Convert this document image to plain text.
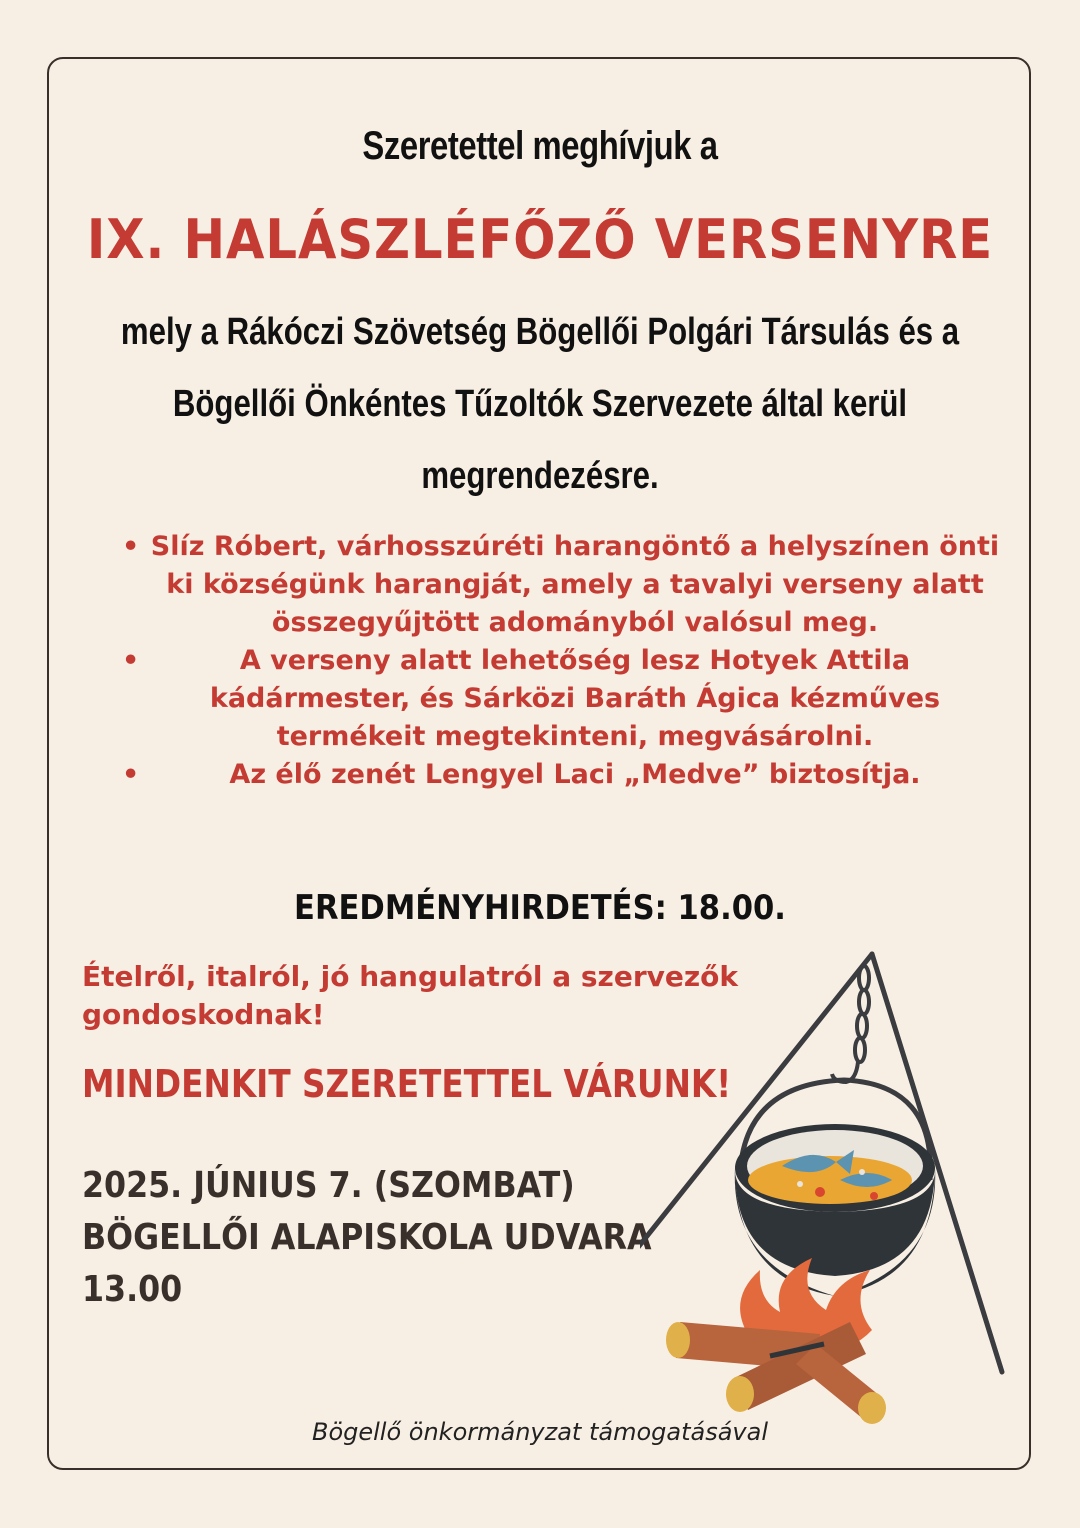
Szeretettel meghívjuk a
IX. HALÁSZLÉFŐZŐ VERSENYRE
mely a Rákóczi Szövetség Bögellői Polgári Társulás és a
Bögellői Önkéntes Tűzoltók Szervezete által kerül
megrendezésre.
• Slíz Róbert, várhosszúréti harangöntő a helyszínen önti ki községünk harangját, amely a tavalyi verseny alatt összegyűjtött adományból valósul meg.
• A verseny alatt lehetőség lesz Hotyek Attila kádármester, és Sárközi Baráth Ágica kézműves termékeit megtekinteni, megvásárolni.
• Az élő zenét Lengyel Laci „Medve” biztosítja.
EREDMÉNYHIRDETÉS: 18.00.
Ételről, italról, jó hangulatról a szervezők gondoskodnak!
MINDENKIT SZERETETTEL VÁRUNK!
2025. JÚNIUS 7. (SZOMBAT)
BÖGELLŐI ALAPISKOLA UDVARA
13.00
Bögellő önkormányzat támogatásával
